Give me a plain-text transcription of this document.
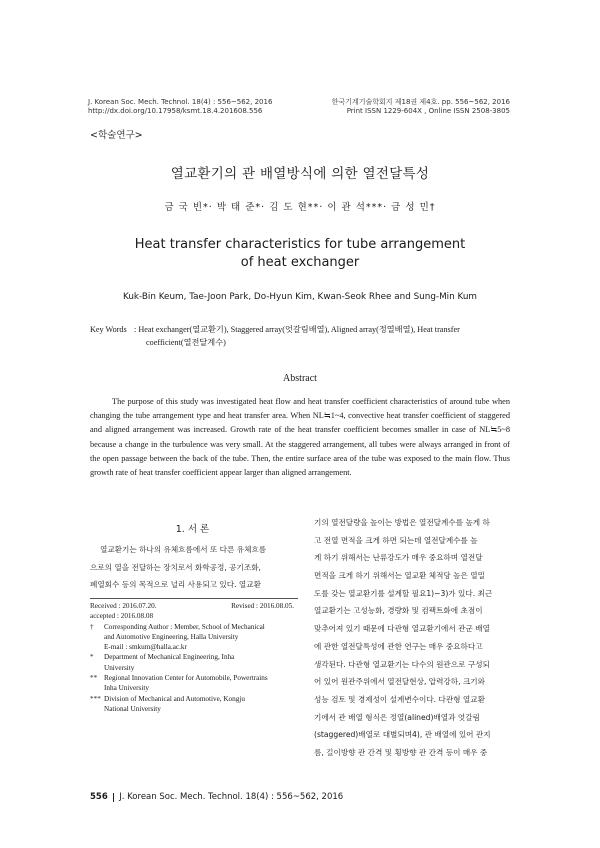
J. Korean Soc. Mech. Technol. 18(4) : 556~562, 2016
http://dx.doi.org/10.17958/ksmt.18.4.201608.556
한국기계기술학회지 제18권 제4호. pp. 556~562, 2016
Print ISSN 1229-604X , Online ISSN 2508-3805
<학술연구>
열교환기의 관 배열방식에 의한 열전달특성
금 국 빈*· 박 태 준*· 김 도 현**· 이 관 석***· 금 성 민†
Heat transfer characteristics for tube arrangement
of heat exchanger
Kuk-Bin Keum, Tae-Joon Park, Do-Hyun Kim, Kwan-Seok Rhee and Sung-Min Kum
Key Words : Heat exchanger(열교환기), Staggered array(엇갈림배열), Aligned array(정열배열), Heat transfer
coefficient(열전달계수)
Abstract
The purpose of this study was investigated heat flow and heat transfer coefficient characteristics of around tube when changing the tube arrangement type and heat transfer area. When NL≒1~4, convective heat transfer coefficient of staggered and aligned arrangement was increased. Growth rate of the heat transfer coefficient becomes smaller in case of NL≒5~8 because a change in the turbulence was very small. At the staggered arrangement, all tubes were always arranged in front of the open passage between the back of the tube. Then, the entire surface area of the tube was exposed to the main flow. Thus growth rate of heat transfer coefficient appear larger than aligned arrangement.
1. 서 론
열교환기는 하나의 유체흐름에서 또 다른 유체흐름
으로의 열을 전달하는 장치로서 화학공정, 공기조화,
폐열회수 등의 목적으로 널리 사용되고 있다. 열교환
Received : 2016.07.20.	Revised : 2016.08.05.
accepted : 2016.08.08
†	Corresponding Author : Member, School of Mechanical
and Automotive Engineering, Halla University
E-mail : smkum@halla.ac.kr
*	Department of Mechanical Engineering, Inha
University
** Regional Innovation Center for Automobile, Powertrains
Inha University
*** Division of Mechanical and Automotive, Kongju
National University
기의 열전달량을 높이는 방법은 열전달계수를 높게 하
고 전열 면적을 크게 하면 되는데 열전달계수를 높
게 하기 위해서는 난류강도가 매우 중요하며 열전달
면적을 크게 하기 위해서는 열교환 체적당 높은 열밀
도를 갖는 열교환기를 설계할 필요1)~3)가 있다. 최근
열교환기는 고성능화, 경량화 및 컴팩트화에 초점이
맞추어져 있기 때문에 다관형 열교환기에서 관군 배열
에 관한 열전달특성에 관한 연구는 매우 중요하다고
생각된다. 다관형 열교환기는 다수의 원관으로 구성되
어 있어 원관주위에서 열전달현상, 압력강하, 크기와
성능 검토 및 경제성이 설계변수이다. 다관형 열교환
기에서 관 배열 형식은 정열(alined)배열과 엇갈림
(staggered)배열로 대별되며4), 관 배열에 있어 관지
름, 길이방향 관 간격 및 횡방향 관 간격 등이 매우 중
556 J. Korean Soc. Mech. Technol. 18(4) : 556~562, 2016
